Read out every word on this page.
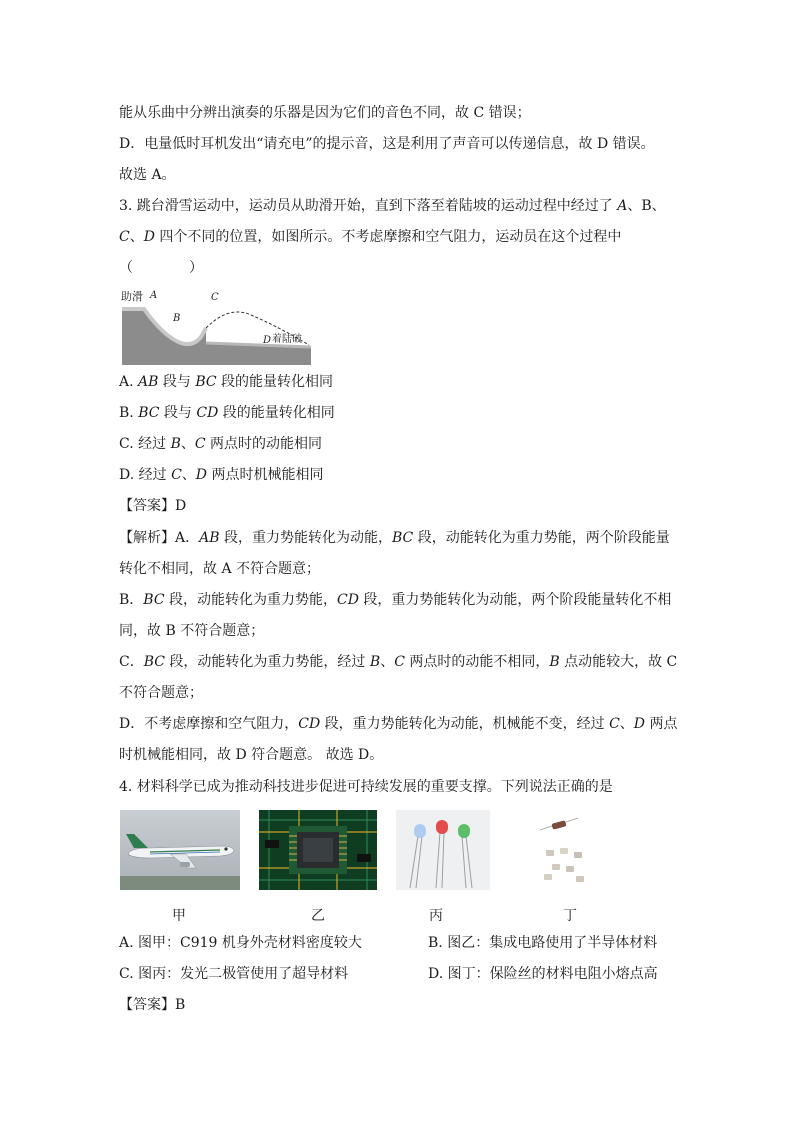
能从乐曲中分辨出演奏的乐器是因为它们的音色不同，故 C 错误；
D．电量低时耳机发出“请充电”的提示音，这是利用了声音可以传递信息，故 D 错误。
故选 A。
3. 跳台滑雪运动中，运动员从助滑开始，直到下落至着陆坡的运动过程中经过了 A、B、
C、D 四个不同的位置，如图所示。不考虑摩擦和空气阻力，运动员在这个过程中
（　　　　）
助滑 A
B
C
D 着陆破
A. AB 段与 BC 段的能量转化相同
B. BC 段与 CD 段的能量转化相同
C. 经过 B、C 两点时的动能相同
D. 经过 C、D 两点时机械能相同
【答案】D
【解析】A．AB 段，重力势能转化为动能，BC 段，动能转化为重力势能，两个阶段能量
转化不相同，故 A 不符合题意；
B．BC 段，动能转化为重力势能，CD 段，重力势能转化为动能，两个阶段能量转化不相
同，故 B 不符合题意；
C．BC 段，动能转化为重力势能，经过 B、C 两点时的动能不相同，B 点动能较大，故 C
不符合题意；
D．不考虑摩擦和空气阻力，CD 段，重力势能转化为动能，机械能不变，经过 C、D 两点
时机械能相同，故 D 符合题意。 故选 D。
4. 材料科学已成为推动科技进步促进可持续发展的重要支撑。下列说法正确的是
甲	乙	丙	丁
A. 图甲：C919 机身外壳材料密度较大	B. 图乙：集成电路使用了半导体材料
C. 图丙：发光二极管使用了超导材料	D. 图丁：保险丝的材料电阻小熔点高
【答案】B
